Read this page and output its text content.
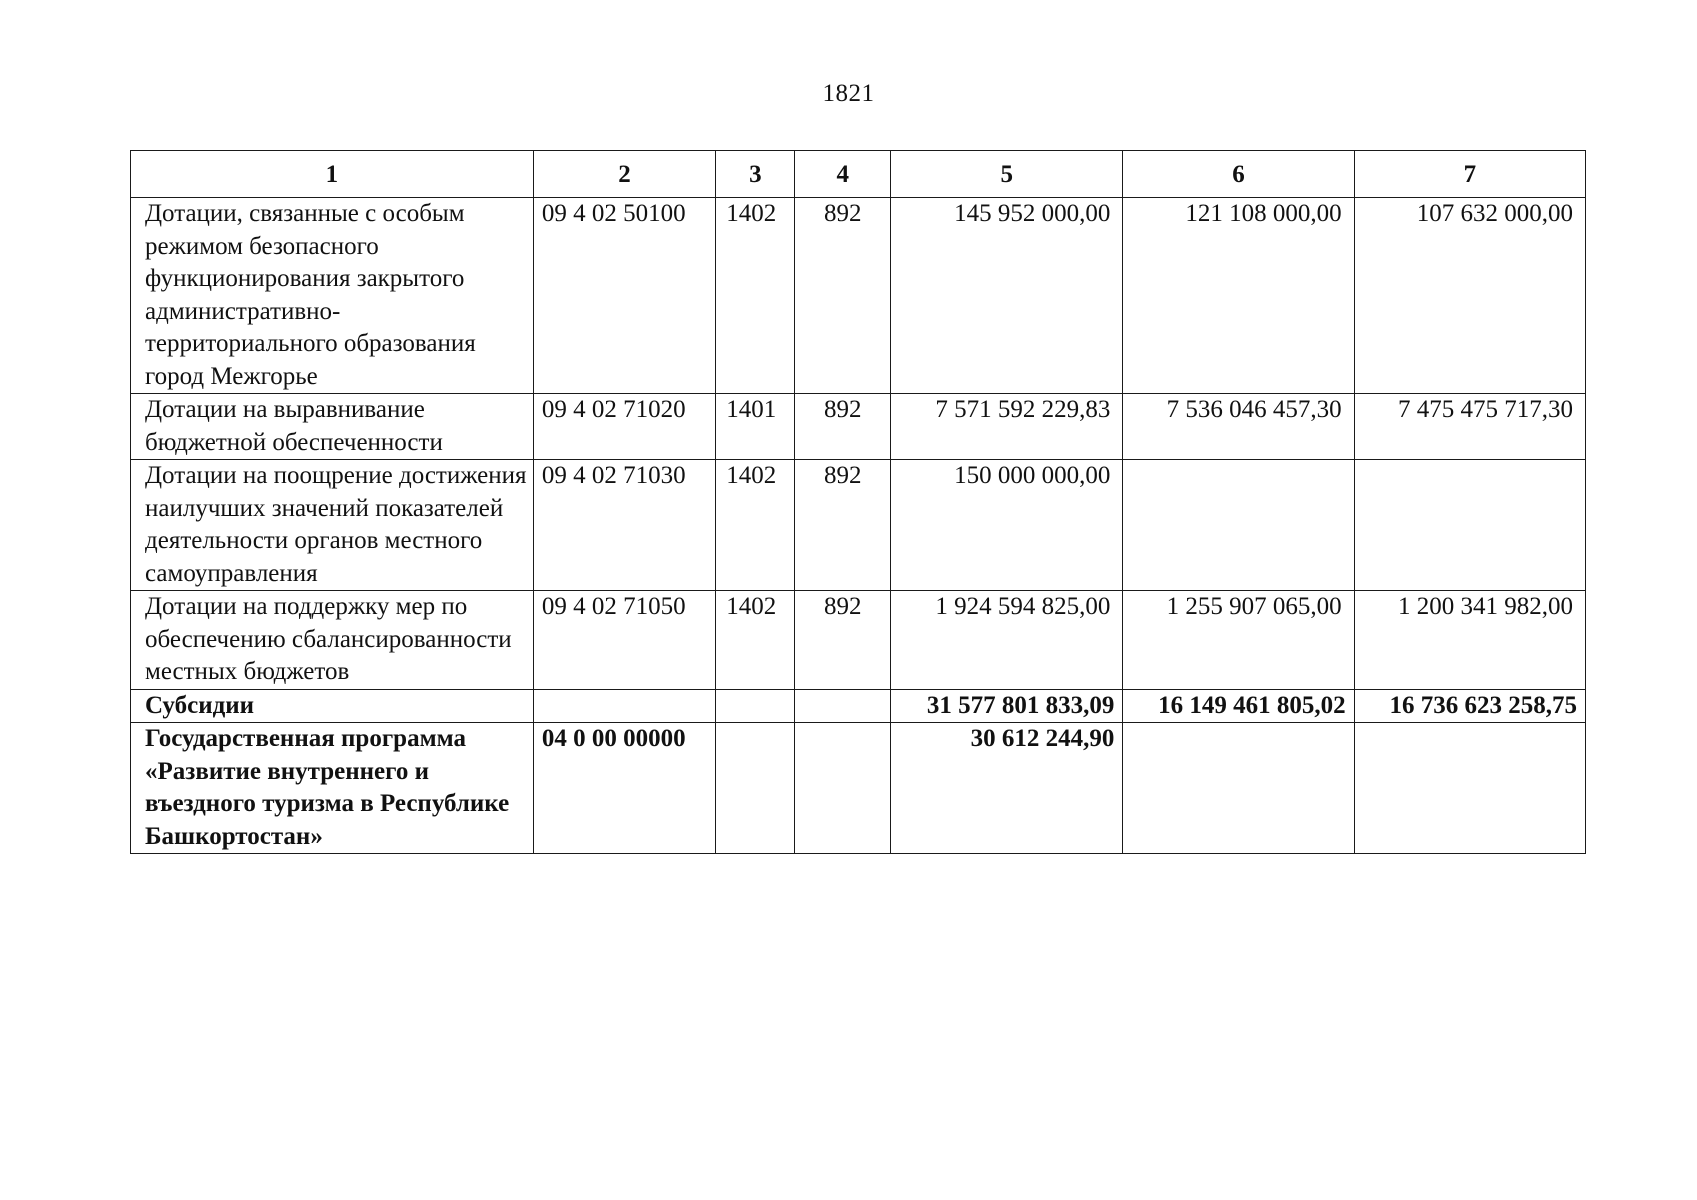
1821
1	2	3	4	5	6	7
Дотации, связанные с особым режимом безопасного функционирования закрытого административно-территориального образования город Межгорье	09 4 02 50100	1402	892	145 952 000,00	121 108 000,00	107 632 000,00
Дотации на выравнивание бюджетной обеспеченности	09 4 02 71020	1401	892	7 571 592 229,83	7 536 046 457,30	7 475 475 717,30
Дотации на поощрение достижения наилучших значений показателей деятельности органов местного самоуправления	09 4 02 71030	1402	892	150 000 000,00		
Дотации на поддержку мер по обеспечению сбалансированности местных бюджетов	09 4 02 71050	1402	892	1 924 594 825,00	1 255 907 065,00	1 200 341 982,00
Субсидии				31 577 801 833,09	16 149 461 805,02	16 736 623 258,75
Государственная программа «Развитие внутреннего и въездного туризма в Республике Башкортостан»	04 0 00 00000			30 612 244,90		
